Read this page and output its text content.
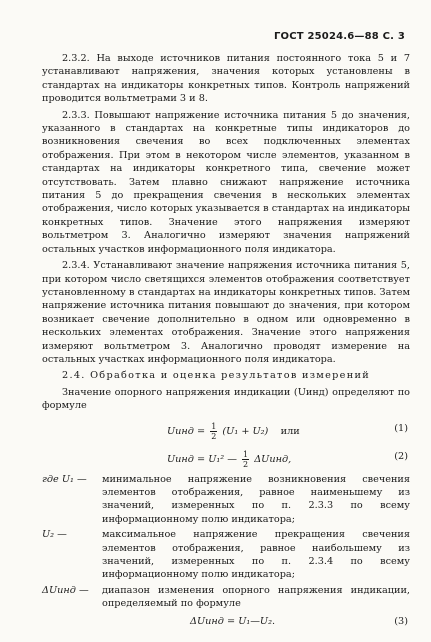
ГОСТ 25024.6—88 С. 3

2.3.2. На выходе источников питания постоянного тока 5 и 7 устанавливают напряжения, значения которых установлены в стандартах на индикаторы конкретных типов. Контроль напряжений проводится вольтметрами 3 и 8.

2.3.3. Повышают напряжение источника питания 5 до значения, указанного в стандартах на конкретные типы индикаторов до возникновения свечения во всех подключенных элементах отображения. При этом в некотором числе элементов, указанном в стандартах на индикаторы конкретного типа, свечение может отсутствовать. Затем плавно снижают напряжение источника питания 5 до прекращения свечения в нескольких элементах отображения, число которых указывается в стандартах на индикаторы конкретных типов. Значение этого напряжения измеряют вольтметром 3. Аналогично измеряют значения напряжений остальных участков информационного поля индикатора.

2.3.4. Устанавливают значение напряжения источника питания 5, при котором число светящихся элементов отображения соответствует установленному в стандартах на индикаторы конкретных типов. Затем напряжение источника питания повышают до значения, при котором возникает свечение дополнительно в одном или одновременно в нескольких элементах отображения. Значение этого напряжения измеряют вольтметром 3. Аналогично проводят измерение на остальных участках информационного поля индикатора.

2.4. Обработка и оценка результатов измерений

Значение опорного напряжения индикации (Uинд) определяют по формуле

Uинд = $\frac{1}{2} (U_1 + U_2)$ или	(1)
Uинд = U₁² — $\frac{1}{2}$ ΔUинд,	(2)
где U₁ —	минимальное напряжение возникновения свечения элементов отображения, равное наименьшему из значений, измеренных по п. 2.3.3 по всему информационному полю индикатора;
U₂ —	максимальное напряжение прекращения свечения элементов отображения, равное наибольшему из значений, измеренных по п. 2.3.4 по всему информационному полю индикатора;
ΔUинд —	диапазон изменения опорного напряжения индикации, определяемый по формуле
ΔUинд = U₁—U₂.	(3)
